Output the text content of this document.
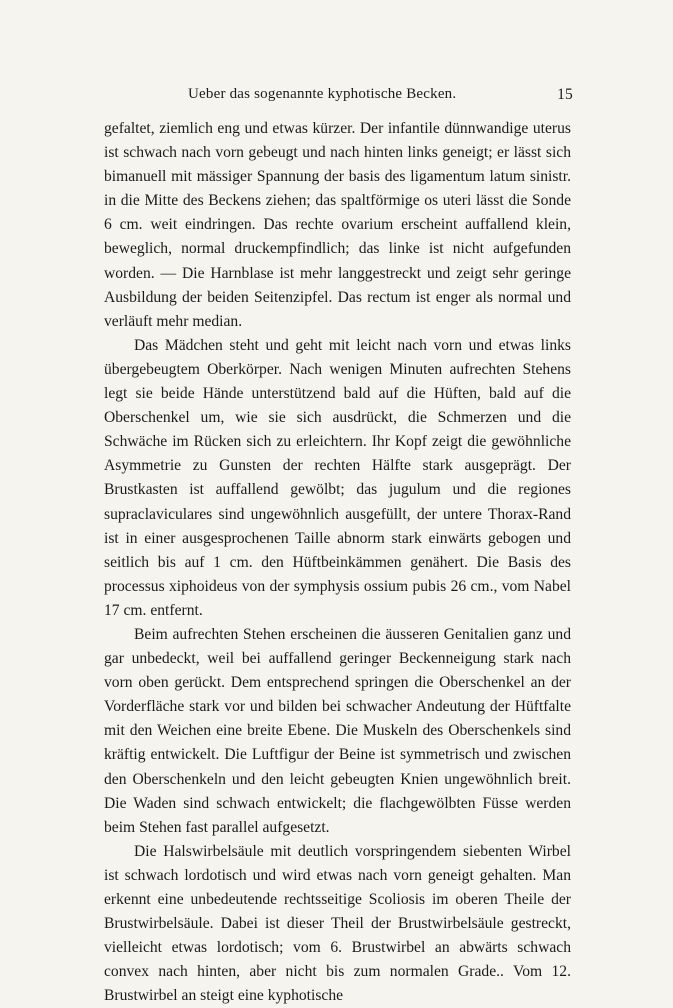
Ueber das sogenannte kyphotische Becken.	15

gefaltet, ziemlich eng und etwas kürzer. Der infantile dünnwandige uterus ist schwach nach vorn gebeugt und nach hinten links geneigt; er lässt sich bimanuell mit mässiger Spannung der basis des ligamentum latum sinistr. in die Mitte des Beckens ziehen; das spaltförmige os uteri lässt die Sonde 6 cm. weit eindringen. Das rechte ovarium erscheint auffallend klein, beweglich, normal druckempfindlich; das linke ist nicht aufgefunden worden. — Die Harnblase ist mehr langgestreckt und zeigt sehr geringe Ausbildung der beiden Seitenzipfel. Das rectum ist enger als normal und verläuft mehr median.

Das Mädchen steht und geht mit leicht nach vorn und etwas links übergebeugtem Oberkörper. Nach wenigen Minuten aufrechten Stehens legt sie beide Hände unterstützend bald auf die Hüften, bald auf die Oberschenkel um, wie sie sich ausdrückt, die Schmerzen und die Schwäche im Rücken sich zu erleichtern. Ihr Kopf zeigt die gewöhnliche Asymmetrie zu Gunsten der rechten Hälfte stark ausgeprägt. Der Brustkasten ist auffallend gewölbt; das jugulum und die regiones supraclaviculares sind ungewöhnlich ausgefüllt, der untere Thorax-Rand ist in einer ausgesprochenen Taille abnorm stark einwärts gebogen und seitlich bis auf 1 cm. den Hüftbeinkämmen genähert. Die Basis des processus xiphoideus von der symphysis ossium pubis 26 cm., vom Nabel 17 cm. entfernt.

Beim aufrechten Stehen erscheinen die äusseren Genitalien ganz und gar unbedeckt, weil bei auffallend geringer Beckenneigung stark nach vorn oben gerückt. Dem entsprechend springen die Oberschenkel an der Vorderfläche stark vor und bilden bei schwacher Andeutung der Hüftfalte mit den Weichen eine breite Ebene. Die Muskeln des Oberschenkels sind kräftig entwickelt. Die Luftfigur der Beine ist symmetrisch und zwischen den Oberschenkeln und den leicht gebeugten Knien ungewöhnlich breit. Die Waden sind schwach entwickelt; die flachgewölbten Füsse werden beim Stehen fast parallel aufgesetzt.

Die Halswirbelsäule mit deutlich vorspringendem siebenten Wirbel ist schwach lordotisch und wird etwas nach vorn geneigt gehalten. Man erkennt eine unbedeutende rechtsseitige Scoliosis im oberen Theile der Brustwirbelsäule. Dabei ist dieser Theil der Brustwirbelsäule gestreckt, vielleicht etwas lordotisch; vom 6. Brustwirbel an abwärts schwach convex nach hinten, aber nicht bis zum normalen Grade.. Vom 12. Brustwirbel an steigt eine kyphotische
